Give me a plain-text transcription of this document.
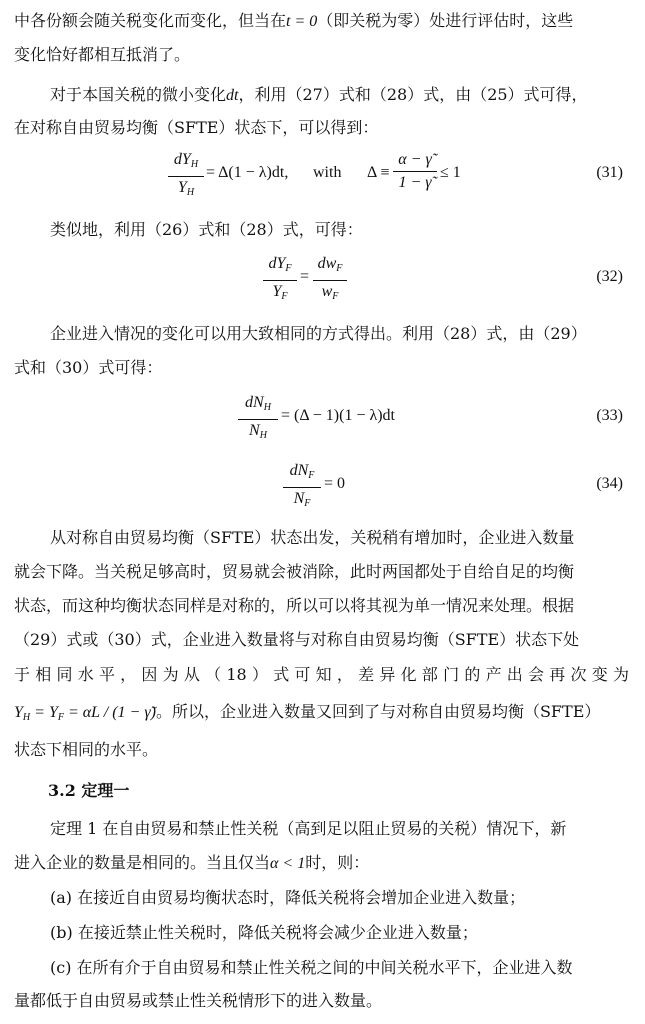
中各份额会随关税变化而变化，但当在t = 0（即关税为零）处进行评估时，这些
变化恰好都相互抵消了。
对于本国关税的微小变化dt，利用（27）式和（28）式，由（25）式可得，
在对称自由贸易均衡（SFTE）状态下，可以得到：
$dY_H$
$Y_H$
= Δ(1 − λ)dt, with Δ ≡
α − γ̃
1 − γ̃
≤ 1	(31)
类似地，利用（26）式和（28）式，可得：
$dY_F$
$Y_F$
=
$dw_F$
$w_F$
(32)
企业进入情况的变化可以用大致相同的方式得出。利用（28）式，由（29）
式和（30）式可得：
$dN_H$
$N_H$
= (Δ − 1)(1 − λ)dt	(33)
$dN_F$
$N_F$
= 0	(34)
从对称自由贸易均衡（SFTE）状态出发，关税稍有增加时，企业进入数量
就会下降。当关税足够高时，贸易就会被消除，此时两国都处于自给自足的均衡
状态，而这种均衡状态同样是对称的，所以可以将其视为单一情况来处理。根据
（29）式或（30）式，企业进入数量将与对称自由贸易均衡（SFTE）状态下处
于相同水平，因为从（18）式可知，差异化部门的产出会再次变为
$Y_H = Y_F = \alpha L / (1$ − γ̃)。所以，企业进入数量又回到了与对称自由贸易均衡（SFTE）
状态下相同的水平。
3.2 定理一
定理 1 在自由贸易和禁止性关税（高到足以阻止贸易的关税）情况下，新
进入企业的数量是相同的。当且仅当α < 1时，则：
(a) 在接近自由贸易均衡状态时，降低关税将会增加企业进入数量；
(b) 在接近禁止性关税时，降低关税将会减少企业进入数量；
(c) 在所有介于自由贸易和禁止性关税之间的中间关税水平下，企业进入数
量都低于自由贸易或禁止性关税情形下的进入数量。
